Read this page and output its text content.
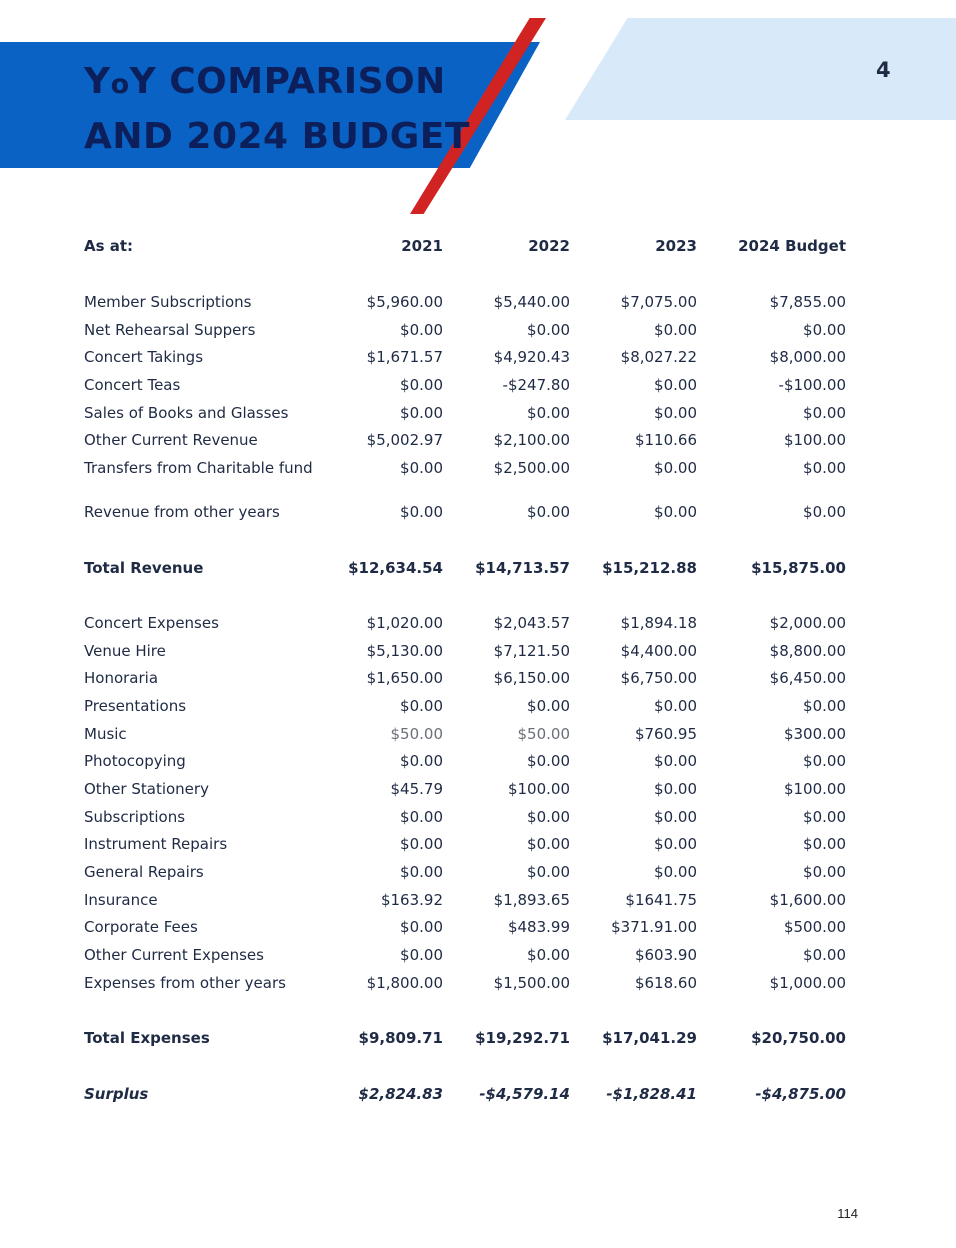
YoY COMPARISON
AND 2024 BUDGET
4
As at:	2021	2022	2023	2024 Budget

Member Subscriptions	$5,960.00	$5,440.00	$7,075.00	$7,855.00
Net Rehearsal Suppers	$0.00	$0.00	$0.00	$0.00
Concert Takings	$1,671.57	$4,920.43	$8,027.22	$8,000.00
Concert Teas	$0.00	-$247.80	$0.00	-$100.00
Sales of Books and Glasses	$0.00	$0.00	$0.00	$0.00
Other Current Revenue	$5,002.97	$2,100.00	$110.66	$100.00
Transfers from Charitable fund	$0.00	$2,500.00	$0.00	$0.00
Revenue from other years	$0.00	$0.00	$0.00	$0.00

Total Revenue	$12,634.54	$14,713.57	$15,212.88	$15,875.00

Concert Expenses	$1,020.00	$2,043.57	$1,894.18	$2,000.00
Venue Hire	$5,130.00	$7,121.50	$4,400.00	$8,800.00
Honoraria	$1,650.00	$6,150.00	$6,750.00	$6,450.00
Presentations	$0.00	$0.00	$0.00	$0.00
Music	$50.00	$50.00	$760.95	$300.00
Photocopying	$0.00	$0.00	$0.00	$0.00
Other Stationery	$45.79	$100.00	$0.00	$100.00
Subscriptions	$0.00	$0.00	$0.00	$0.00
Instrument Repairs	$0.00	$0.00	$0.00	$0.00
General Repairs	$0.00	$0.00	$0.00	$0.00
Insurance	$163.92	$1,893.65	$1641.75	$1,600.00
Corporate Fees	$0.00	$483.99	$371.91.00	$500.00
Other Current Expenses	$0.00	$0.00	$603.90	$0.00
Expenses from other years	$1,800.00	$1,500.00	$618.60	$1,000.00

Total Expenses	$9,809.71	$19,292.71	$17,041.29	$20,750.00

Surplus	$2,824.83	-$4,579.14	-$1,828.41	-$4,875.00
114
